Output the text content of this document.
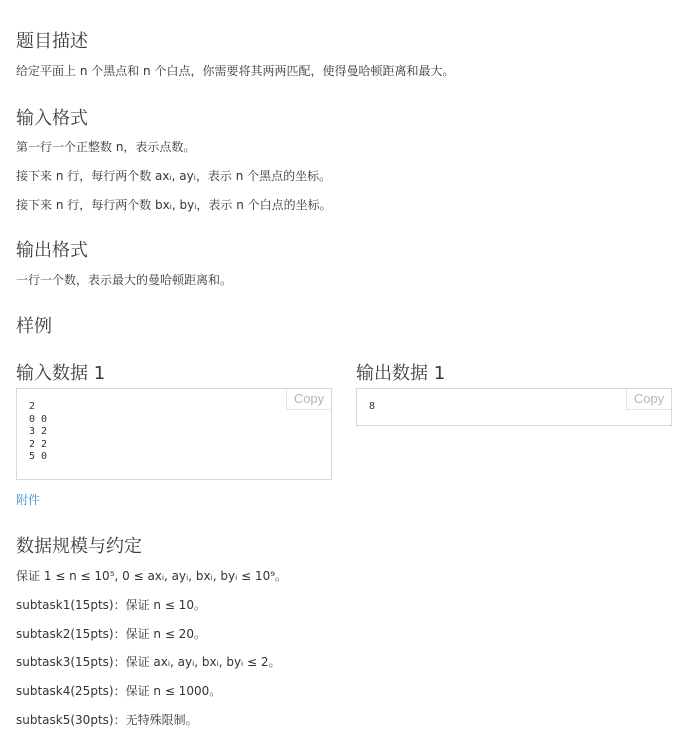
题目描述

给定平面上 n 个黑点和 n 个白点，你需要将其两两匹配，使得曼哈顿距离和最大。

输入格式

第一行一个正整数 n，表示点数。

接下来 n 行，每行两个数 axᵢ, ayᵢ，表示 n 个黑点的坐标。

接下来 n 行，每行两个数 bxᵢ, byᵢ，表示 n 个白点的坐标。

输出格式

一行一个数，表示最大的曼哈顿距离和。

样例
输入数据 1
2
0 0
3 2
2 2
5 0
Copy
输出数据 1
8
Copy

附件

数据规模与约定

保证 1 ≤ n ≤ 10⁵, 0 ≤ axᵢ, ayᵢ, bxᵢ, byᵢ ≤ 10⁹。

subtask1(15pts)：保证 n ≤ 10。

subtask2(15pts)：保证 n ≤ 20。

subtask3(15pts)：保证 axᵢ, ayᵢ, bxᵢ, byᵢ ≤ 2。

subtask4(25pts)：保证 n ≤ 1000。

subtask5(30pts)：无特殊限制。
